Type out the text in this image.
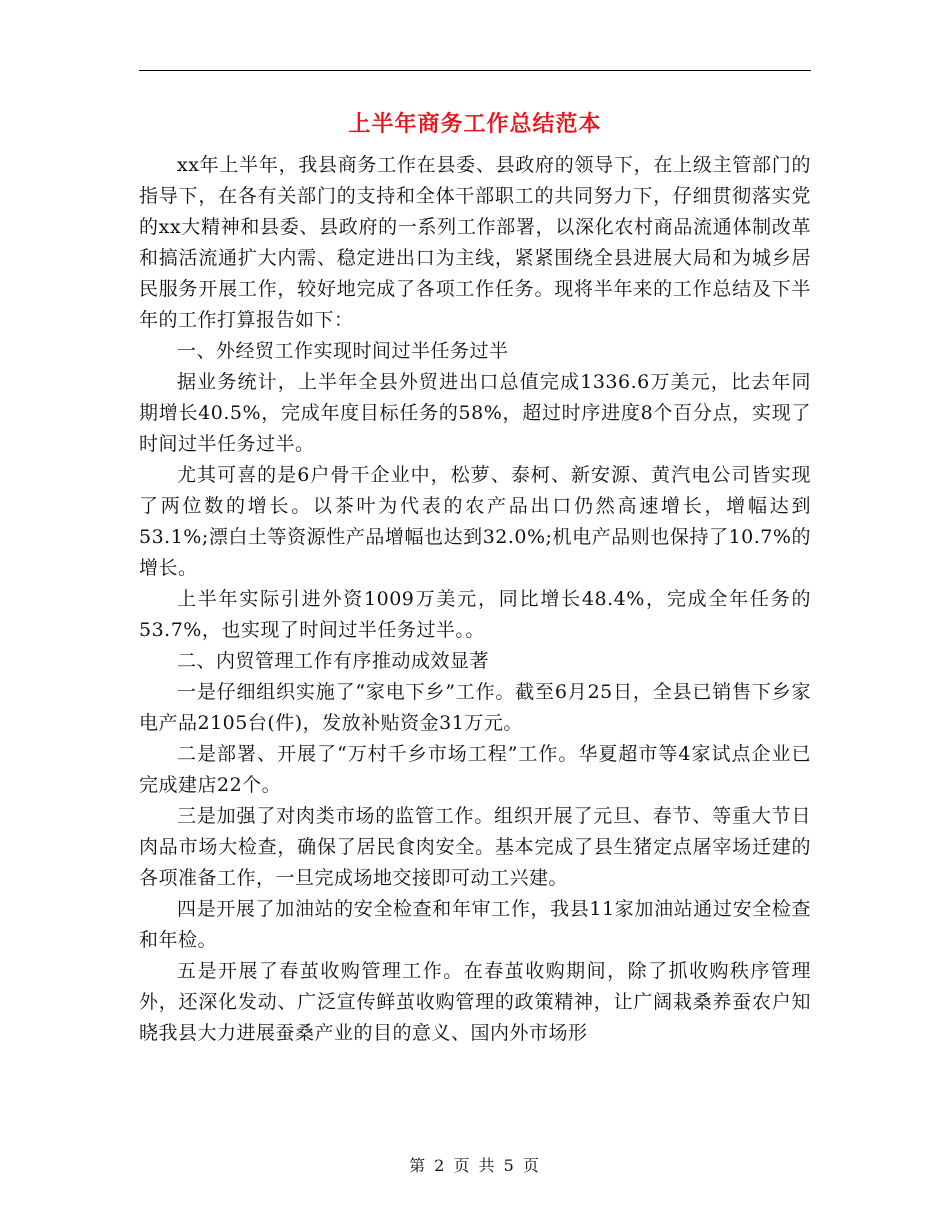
上半年商务工作总结范本

xx年上半年，我县商务工作在县委、县政府的领导下，在上级主管部门的指导下，在各有关部门的支持和全体干部职工的共同努力下，仔细贯彻落实党的xx大精神和县委、县政府的一系列工作部署，以深化农村商品流通体制改革和搞活流通扩大内需、稳定进出口为主线，紧紧围绕全县进展大局和为城乡居民服务开展工作，较好地完成了各项工作任务。现将半年来的工作总结及下半年的工作打算报告如下：

一、外经贸工作实现时间过半任务过半

据业务统计，上半年全县外贸进出口总值完成1336.6万美元，比去年同期增长40.5%，完成年度目标任务的58%，超过时序进度8个百分点，实现了时间过半任务过半。

尤其可喜的是6户骨干企业中，松萝、泰柯、新安源、黄汽电公司皆实现了两位数的增长。以茶叶为代表的农产品出口仍然高速增长，增幅达到53.1%;漂白土等资源性产品增幅也达到32.0%;机电产品则也保持了10.7%的增长。

上半年实际引进外资1009万美元，同比增长48.4%，完成全年任务的53.7%，也实现了时间过半任务过半。。

二、内贸管理工作有序推动成效显著

一是仔细组织实施了“家电下乡”工作。截至6月25日，全县已销售下乡家电产品2105台(件)，发放补贴资金31万元。

二是部署、开展了“万村千乡市场工程”工作。华夏超市等4家试点企业已完成建店22个。

三是加强了对肉类市场的监管工作。组织开展了元旦、春节、等重大节日肉品市场大检查，确保了居民食肉安全。基本完成了县生猪定点屠宰场迁建的各项准备工作，一旦完成场地交接即可动工兴建。

四是开展了加油站的安全检查和年审工作，我县11家加油站通过安全检查和年检。

五是开展了春茧收购管理工作。在春茧收购期间，除了抓收购秩序管理外，还深化发动、广泛宣传鲜茧收购管理的政策精神，让广阔栽桑养蚕农户知晓我县大力进展蚕桑产业的目的意义、国内外市场形

第 2 页 共 5 页
